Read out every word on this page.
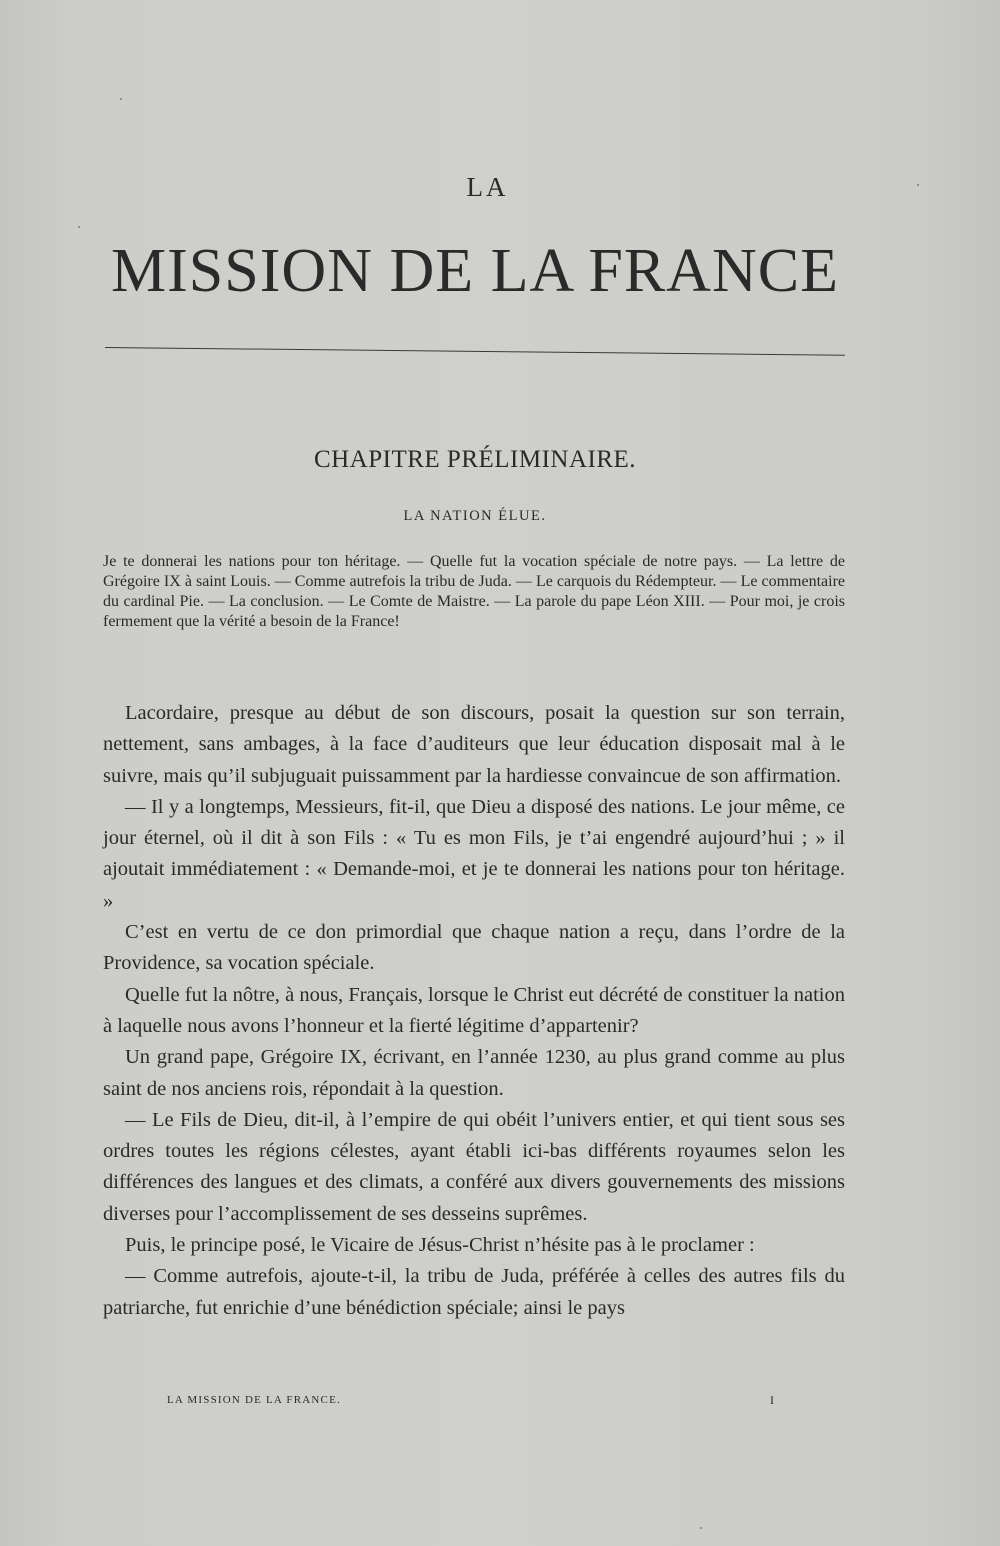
LA
MISSION DE LA FRANCE
CHAPITRE PRÉLIMINAIRE.
LA NATION ÉLUE.
Je te donnerai les nations pour ton héritage. — Quelle fut la vocation spéciale de notre pays. — La lettre de Grégoire IX à saint Louis. — Comme autrefois la tribu de Juda. — Le carquois du Rédempteur. — Le commentaire du cardinal Pie. — La conclusion. — Le Comte de Maistre. — La parole du pape Léon XIII. — Pour moi, je crois fermement que la vérité a besoin de la France!

Lacordaire, presque au début de son discours, posait la question sur son terrain, nettement, sans ambages, à la face d’auditeurs que leur éducation disposait mal à le suivre, mais qu’il subjuguait puissamment par la hardiesse convaincue de son affirmation.

— Il y a longtemps, Messieurs, fit-il, que Dieu a disposé des nations. Le jour même, ce jour éternel, où il dit à son Fils : « Tu es mon Fils, je t’ai engendré aujourd’hui ; » il ajoutait immédiatement : « Demande-moi, et je te donnerai les nations pour ton héritage. »

C’est en vertu de ce don primordial que chaque nation a reçu, dans l’ordre de la Providence, sa vocation spéciale.

Quelle fut la nôtre, à nous, Français, lorsque le Christ eut décrété de constituer la nation à laquelle nous avons l’honneur et la fierté légitime d’appartenir?

Un grand pape, Grégoire IX, écrivant, en l’année 1230, au plus grand comme au plus saint de nos anciens rois, répondait à la question.

— Le Fils de Dieu, dit-il, à l’empire de qui obéit l’univers entier, et qui tient sous ses ordres toutes les régions célestes, ayant établi ici-bas différents royaumes selon les différences des langues et des climats, a conféré aux divers gouvernements des missions diverses pour l’accomplissement de ses desseins suprêmes.

Puis, le principe posé, le Vicaire de Jésus-Christ n’hésite pas à le proclamer :

— Comme autrefois, ajoute-t-il, la tribu de Juda, préférée à celles des autres fils du patriarche, fut enrichie d’une bénédiction spéciale; ainsi le pays

LA MISSION DE LA FRANCE.	I
